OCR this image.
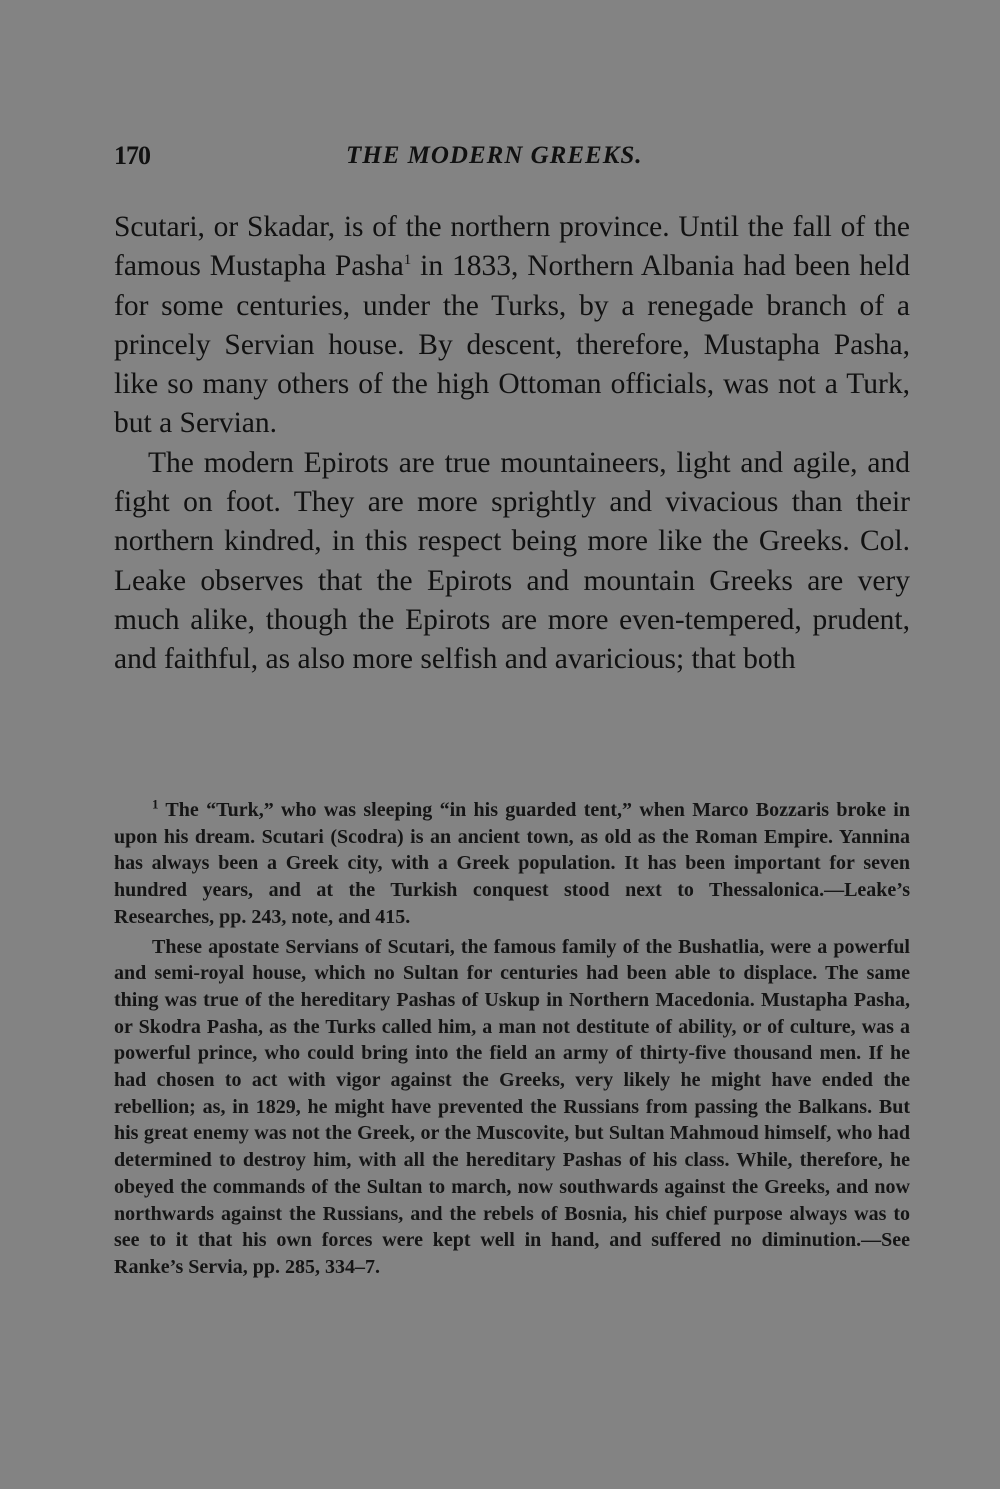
170	THE MODERN GREEKS.

Scutari, or Skadar, is of the northern province. Until the fall of the famous Mustapha Pasha$^1$ in 1833, Northern Albania had been held for some centuries, under the Turks, by a renegade branch of a princely Servian house. By descent, therefore, Mustapha Pasha, like so many others of the high Ottoman officials, was not a Turk, but a Servian.

The modern Epirots are true mountaineers, light and agile, and fight on foot. They are more sprightly and vivacious than their northern kindred, in this respect being more like the Greeks. Col. Leake observes that the Epirots and mountain Greeks are very much alike, though the Epirots are more even-tempered, prudent, and faithful, as also more selfish and avaricious; that both

$^1$ The “Turk,” who was sleeping “in his guarded tent,” when Marco Bozzaris broke in upon his dream. Scutari (Scodra) is an ancient town, as old as the Roman Empire. Yannina has always been a Greek city, with a Greek population. It has been important for seven hundred years, and at the Turkish conquest stood next to Thessalonica.—Leake’s Researches, pp. 243, note, and 415.

These apostate Servians of Scutari, the famous family of the Bushatlia, were a powerful and semi-royal house, which no Sultan for centuries had been able to displace. The same thing was true of the hereditary Pashas of Uskup in Northern Macedonia. Mustapha Pasha, or Skodra Pasha, as the Turks called him, a man not destitute of ability, or of culture, was a powerful prince, who could bring into the field an army of thirty-five thousand men. If he had chosen to act with vigor against the Greeks, very likely he might have ended the rebellion; as, in 1829, he might have prevented the Russians from passing the Balkans. But his great enemy was not the Greek, or the Muscovite, but Sultan Mahmoud himself, who had determined to destroy him, with all the hereditary Pashas of his class. While, therefore, he obeyed the commands of the Sultan to march, now southwards against the Greeks, and now northwards against the Russians, and the rebels of Bosnia, his chief purpose always was to see to it that his own forces were kept well in hand, and suffered no diminution.—See Ranke’s Servia, pp. 285, 334–7.
